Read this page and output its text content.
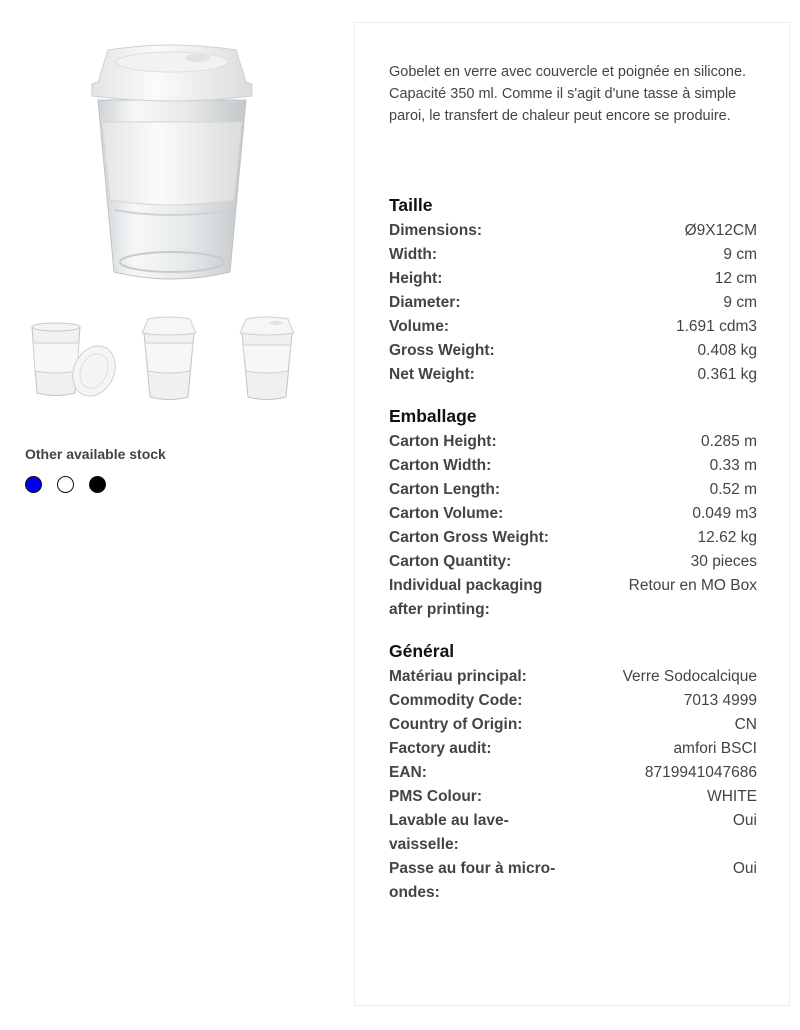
Other available stock
Gobelet en verre avec couvercle et poignée en silicone. Capacité 350 ml. Comme il s'agit d'une tasse à simple paroi, le transfert de chaleur peut encore se produire.
Taille
Dimensions:	Ø9X12CM
Width:	9 cm
Height:	12 cm
Diameter:	9 cm
Volume:	1.691 cdm3
Gross Weight:	0.408 kg
Net Weight:	0.361 kg
Emballage
Carton Height:	0.285 m
Carton Width:	0.33 m
Carton Length:	0.52 m
Carton Volume:	0.049 m3
Carton Gross Weight:	12.62 kg
Carton Quantity:	30 pieces
Individual packaging after printing:
Retour en MO Box
Général
Matériau principal:	Verre Sodocalcique
Commodity Code:	7013 4999
Country of Origin:	CN
Factory audit:	amfori BSCI
EAN:	8719941047686
PMS Colour:	WHITE
Lavable au lave-vaisselle:
Oui
Passe au four à micro-ondes:
Oui
